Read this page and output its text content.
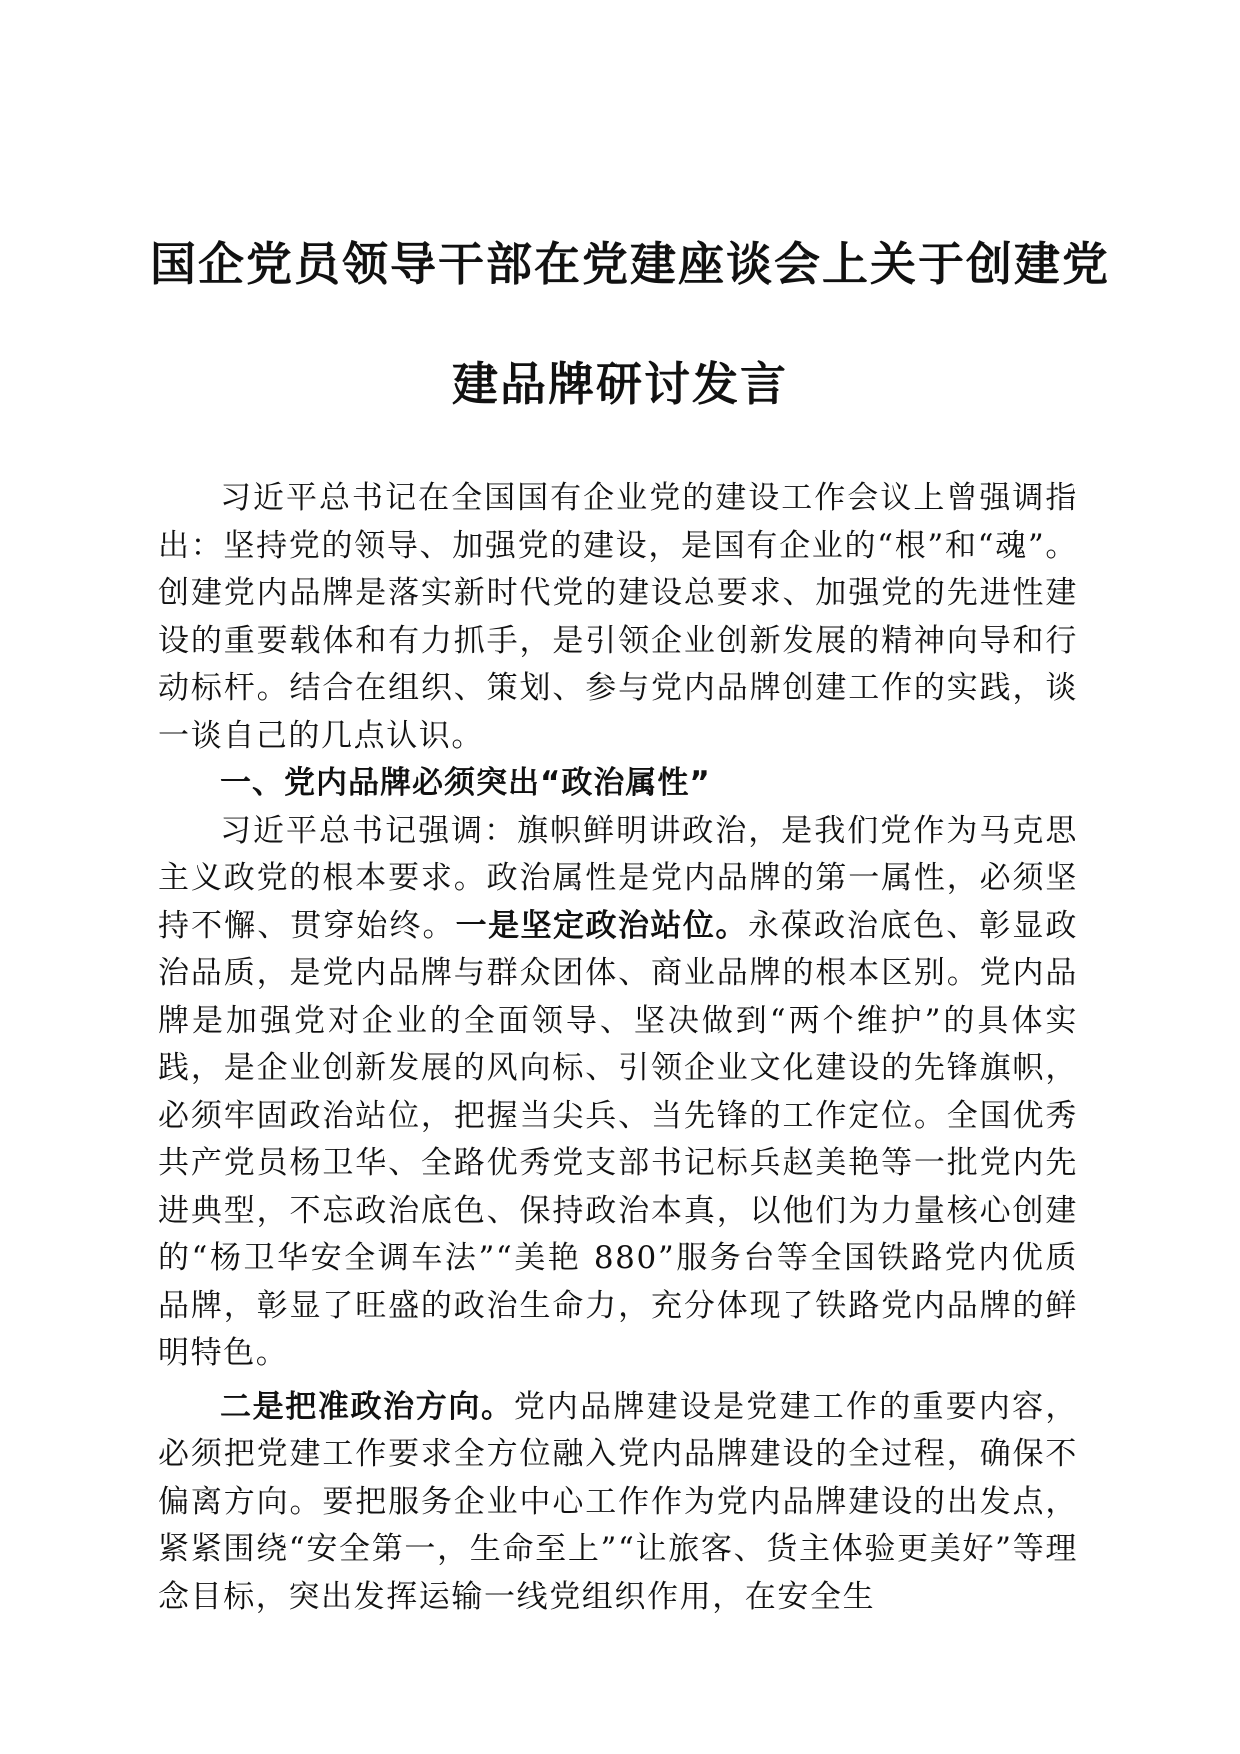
国企党员领导干部在党建座谈会上关于创建党
建品牌研讨发言

习近平总书记在全国国有企业党的建设工作会议上曾强调指出：坚持党的领导、加强党的建设，是国有企业的“根”和“魂”。创建党内品牌是落实新时代党的建设总要求、加强党的先进性建设的重要载体和有力抓手，是引领企业创新发展的精神向导和行动标杆。结合在组织、策划、参与党内品牌创建工作的实践，谈一谈自己的几点认识。

一、党内品牌必须突出“政治属性”

习近平总书记强调：旗帜鲜明讲政治，是我们党作为马克思主义政党的根本要求。政治属性是党内品牌的第一属性，必须坚持不懈、贯穿始终。一是坚定政治站位。永葆政治底色、彰显政治品质，是党内品牌与群众团体、商业品牌的根本区别。党内品牌是加强党对企业的全面领导、坚决做到“两个维护”的具体实践，是企业创新发展的风向标、引领企业文化建设的先锋旗帜，必须牢固政治站位，把握当尖兵、当先锋的工作定位。全国优秀共产党员杨卫华、全路优秀党支部书记标兵赵美艳等一批党内先进典型，不忘政治底色、保持政治本真，以他们为力量核心创建的“杨卫华安全调车法”“美艳 880”服务台等全国铁路党内优质品牌，彰显了旺盛的政治生命力，充分体现了铁路党内品牌的鲜明特色。

二是把准政治方向。党内品牌建设是党建工作的重要内容，必须把党建工作要求全方位融入党内品牌建设的全过程，确保不偏离方向。要把服务企业中心工作作为党内品牌建设的出发点，紧紧围绕“安全第一，生命至上”“让旅客、货主体验更美好”等理念目标，突出发挥运输一线党组织作用，在安全生
